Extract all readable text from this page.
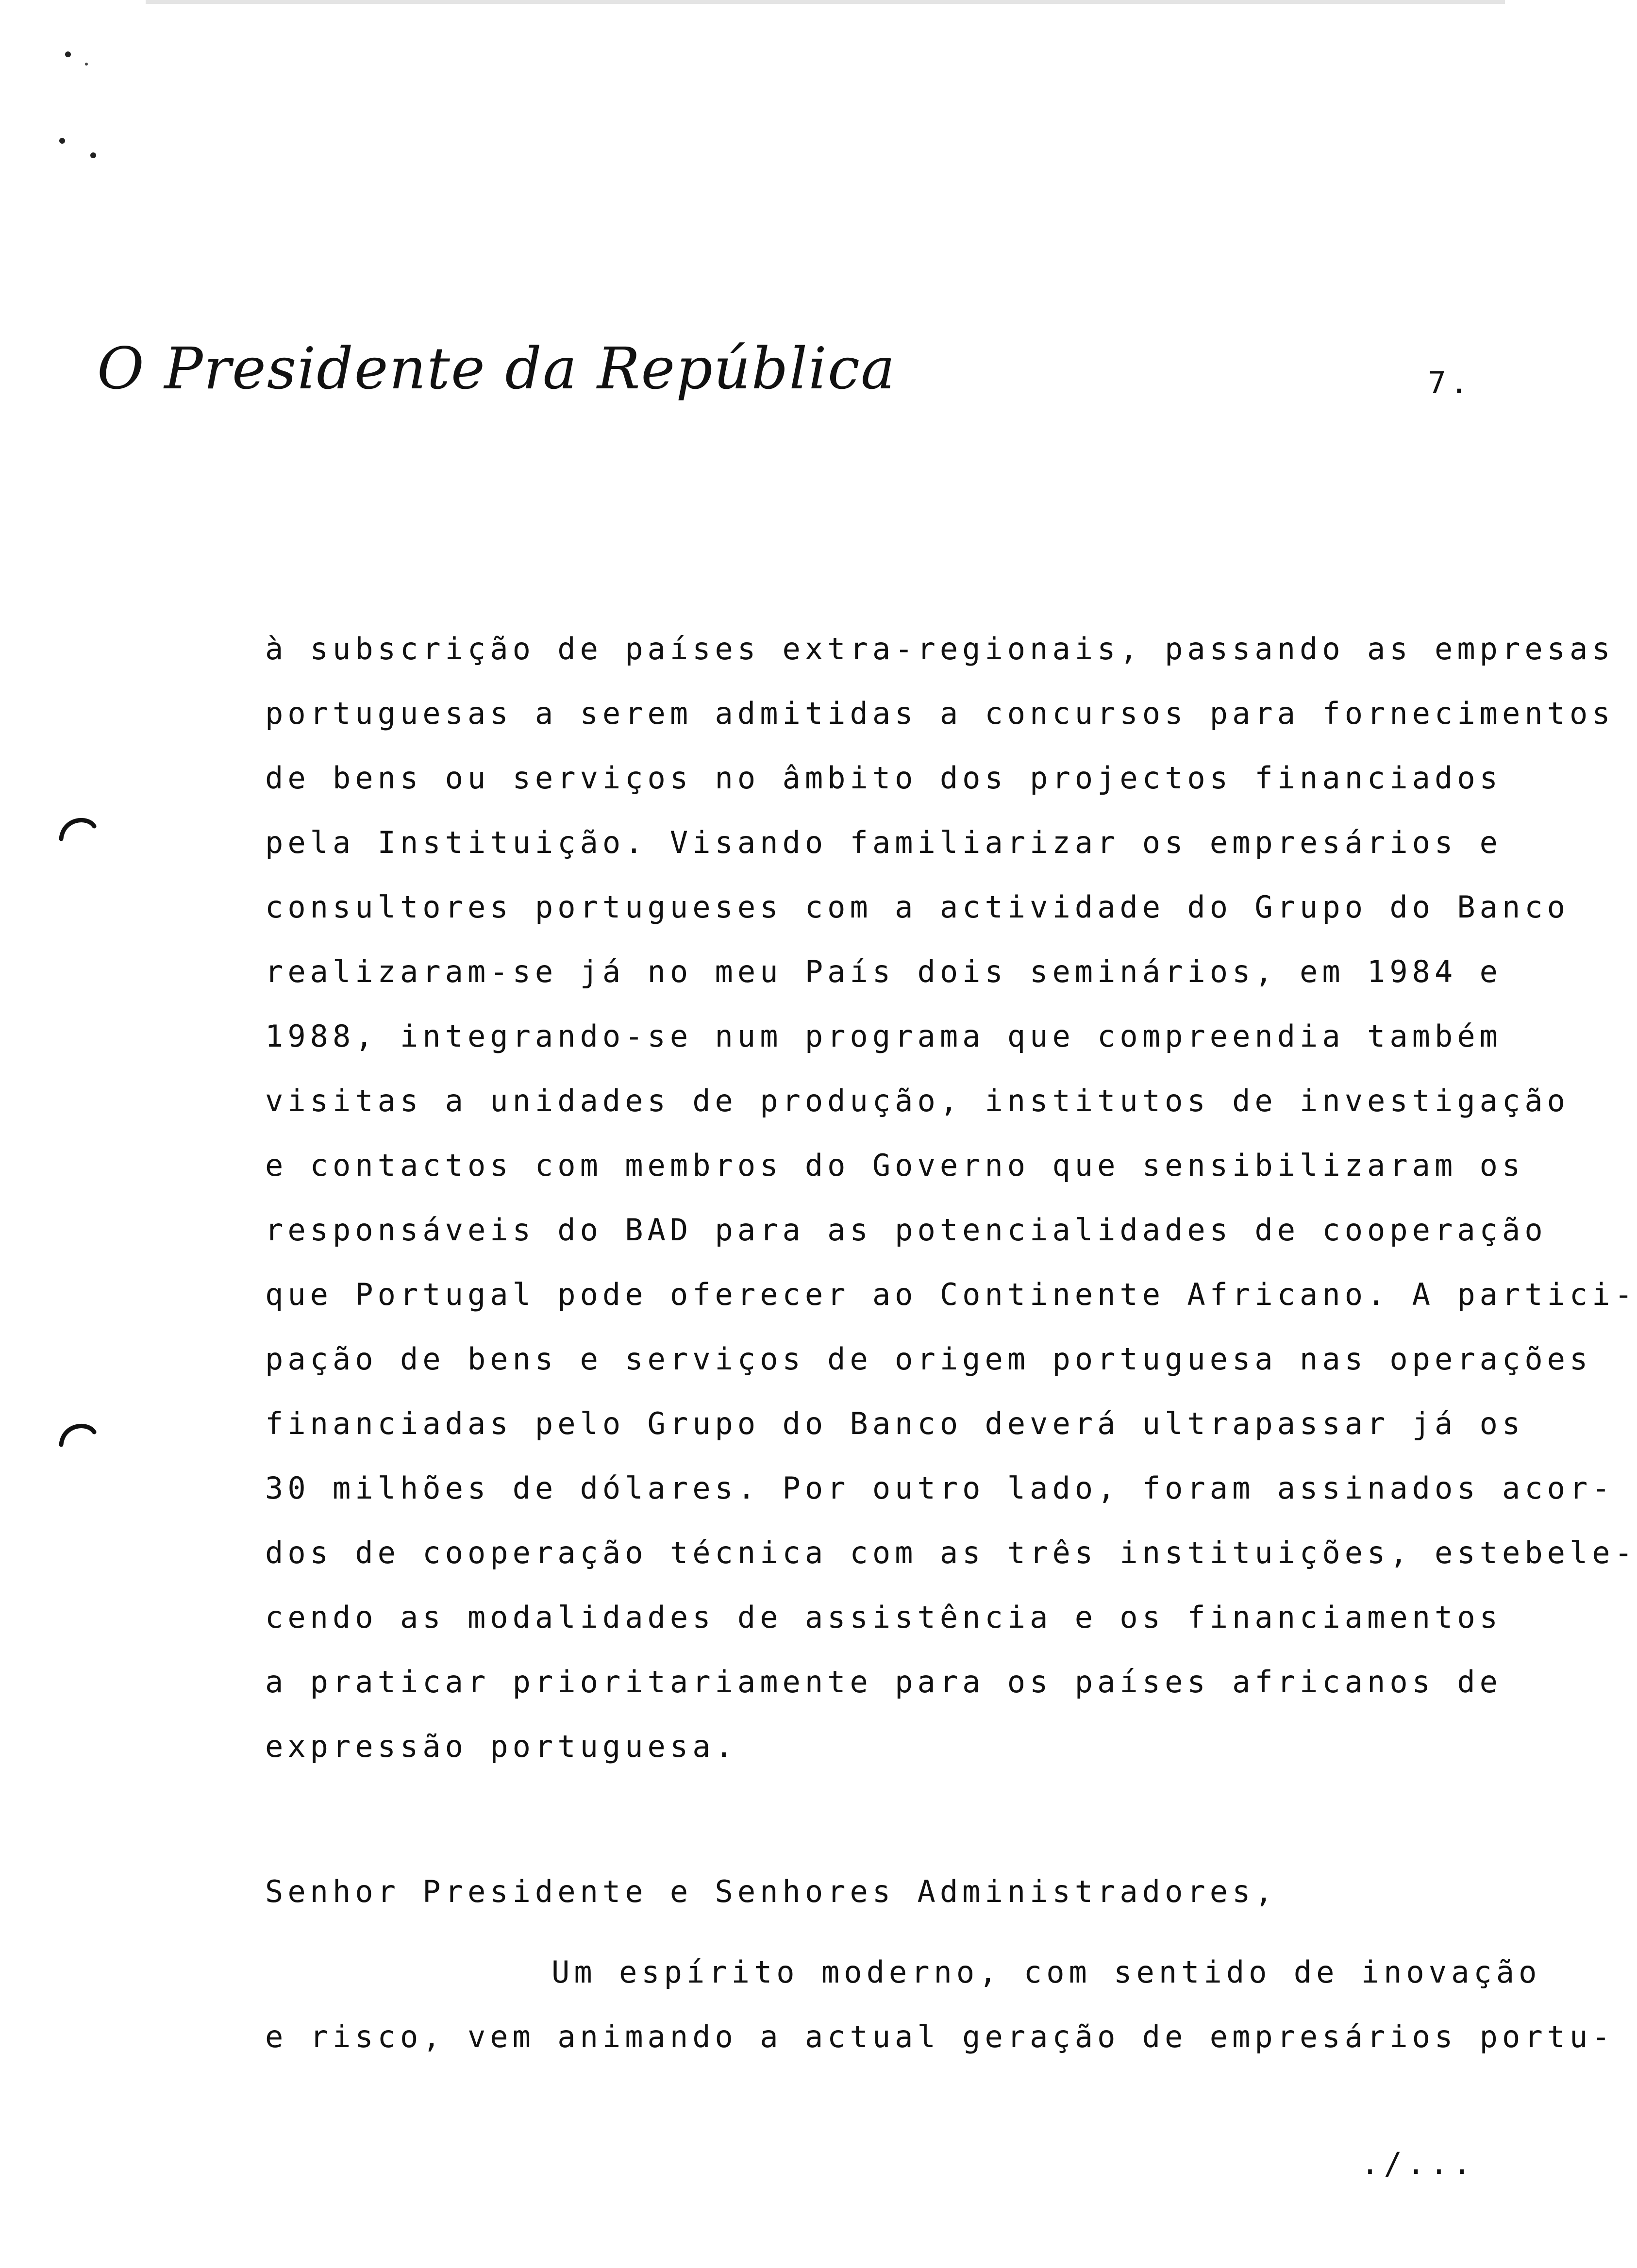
O Presidente da República	7.
à subscrição de países extra-regionais, passando as empresas
portuguesas a serem admitidas a concursos para fornecimentos
de bens ou serviços no âmbito dos projectos financiados
pela Instituição. Visando familiarizar os empresários e
consultores portugueses com a actividade do Grupo do Banco
realizaram-se já no meu País dois seminários, em 1984 e
1988, integrando-se num programa que compreendia também
visitas a unidades de produção, institutos de investigação
e contactos com membros do Governo que sensibilizaram os
responsáveis do BAD para as potencialidades de cooperação
que Portugal pode oferecer ao Continente Africano. A partici-
pação de bens e serviços de origem portuguesa nas operações
financiadas pelo Grupo do Banco deverá ultrapassar já os
30 milhões de dólares. Por outro lado, foram assinados acor-
dos de cooperação técnica com as três instituições, estebele-
cendo as modalidades de assistência e os financiamentos
a praticar prioritariamente para os países africanos de
expressão portuguesa.
Senhor Presidente e Senhores Administradores,
Um espírito moderno, com sentido de inovação
e risco, vem animando a actual geração de empresários portu-
./...
